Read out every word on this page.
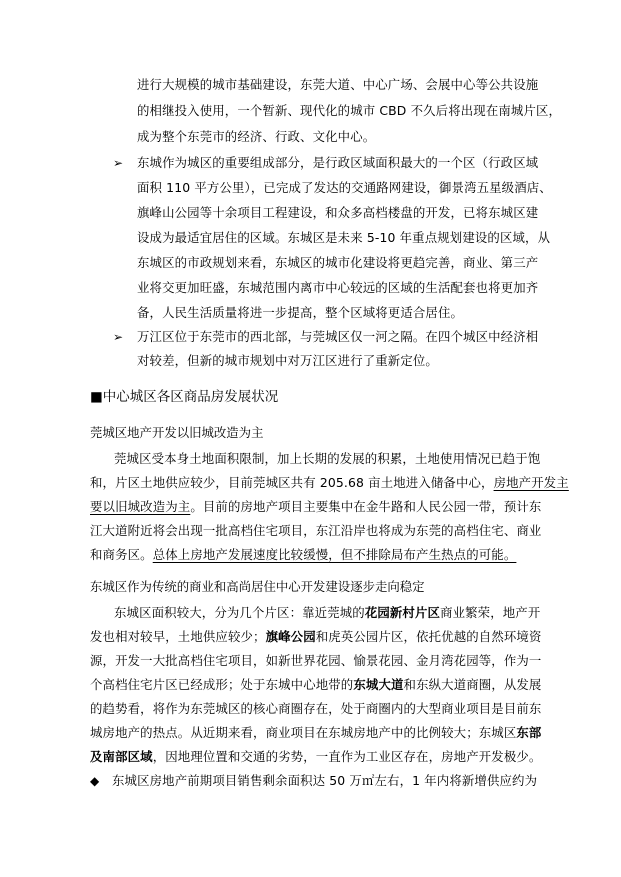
进行大规模的城市基础建设，东莞大道、中心广场、会展中心等公共设施
的相继投入使用，一个暂新、现代化的城市 CBD 不久后将出现在南城片区，
成为整个东莞市的经济、行政、文化中心。
➢ 东城作为城区的重要组成部分，是行政区域面积最大的一个区（行政区域
面积 110 平方公里），已完成了发达的交通路网建设，御景湾五星级酒店、
旗峰山公园等十余项目工程建设，和众多高档楼盘的开发，已将东城区建
设成为最适宜居住的区域。东城区是未来 5-10 年重点规划建设的区域，从
东城区的市政规划来看，东城区的城市化建设将更趋完善，商业、第三产
业将交更加旺盛，东城范围内离市中心较远的区域的生活配套也将更加齐
备，人民生活质量将进一步提高，整个区域将更适合居住。
➢ 万江区位于东莞市的西北部，与莞城区仅一河之隔。在四个城区中经济相
对较差，但新的城市规划中对万江区进行了重新定位。
■中心城区各区商品房发展状况
莞城区地产开发以旧城改造为主
莞城区受本身土地面积限制，加上长期的发展的积累，土地使用情况已趋于饱
和，片区土地供应较少，目前莞城区共有 205.68 亩土地进入储备中心，房地产开发主
要以旧城改造为主。目前的房地产项目主要集中在金牛路和人民公园一带，预计东
江大道附近将会出现一批高档住宅项目，东江沿岸也将成为东莞的高档住宅、商业
和商务区。总体上房地产发展速度比较缓慢，但不排除局布产生热点的可能。
东城区作为传统的商业和高尚居住中心开发建设逐步走向稳定
东城区面积较大，分为几个片区：靠近莞城的花园新村片区商业繁荣，地产开
发也相对较早，土地供应较少；旗峰公园和虎英公园片区，依托优越的自然环境资
源，开发一大批高档住宅项目，如新世界花园、愉景花园、金月湾花园等，作为一
个高档住宅片区已经成形；处于东城中心地带的东城大道和东纵大道商圈，从发展
的趋势看，将作为东莞城区的核心商圈存在，处于商圈内的大型商业项目是目前东
城房地产的热点。从近期来看，商业项目在东城房地产中的比例较大；东城区东部
及南部区域，因地理位置和交通的劣势，一直作为工业区存在，房地产开发极少。
◆ 东城区房地产前期项目销售剩余面积达 50 万㎡左右，1 年内将新增供应约为
